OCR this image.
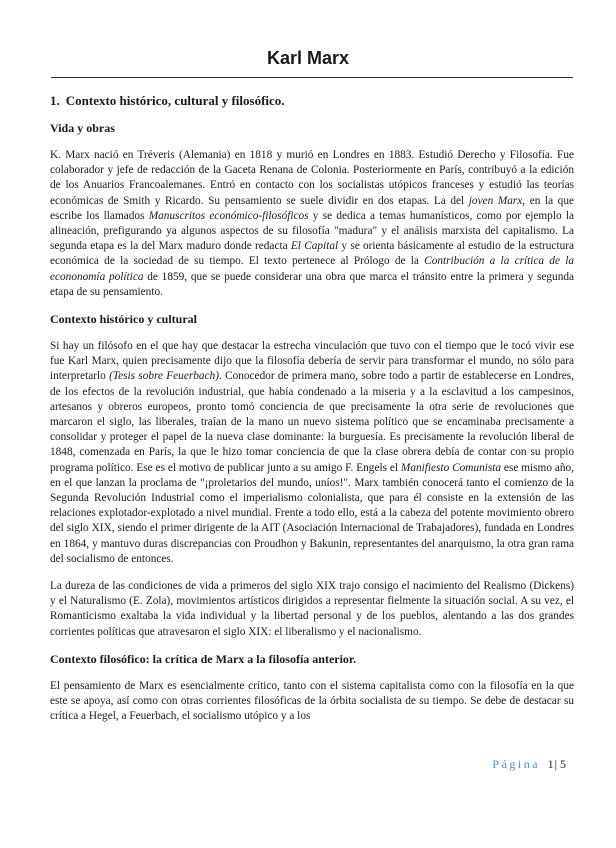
Karl Marx
1. Contexto histórico, cultural y filosófico.
Vida y obras

K. Marx nació en Tréveris (Alemania) en 1818 y murió en Londres en 1883. Estudió Derecho y Filosofía. Fue colaborador y jefe de redacción de la Gaceta Renana de Colonia. Posteriormente en París, contribuyó a la edición de los Anuarios Francoalemanes. Entró en contacto con los socialistas utópicos franceses y estudió las teorías económicas de Smith y Ricardo. Su pensamiento se suele dividir en dos etapas. La del joven Marx, en la que escribe los llamados Manuscritos económico-filosóficos y se dedica a temas humanísticos, como por ejemplo la alineación, prefigurando ya algunos aspectos de su filosofía "madura" y el análisis marxista del capitalismo. La segunda etapa es la del Marx maduro donde redacta El Capital y se orienta básicamente al estudio de la estructura económica de la sociedad de su tiempo. El texto pertenece al Prólogo de la Contribución a la crítica de la econonomía política de 1859, que se puede considerar una obra que marca el tránsito entre la primera y segunda etapa de su pensamiento.

Contexto histórico y cultural

Si hay un filósofo en el que hay que destacar la estrecha vinculación que tuvo con el tiempo que le tocó vivir ese fue Karl Marx, quien precisamente dijo que la filosofía debería de servir para transformar el mundo, no sólo para interpretarlo (Tesis sobre Feuerbach). Conocedor de primera mano, sobre todo a partir de establecerse en Londres, de los efectos de la revolución industrial, que había condenado a la miseria y a la esclavitud a los campesinos, artesanos y obreros europeos, pronto tomó conciencia de que precisamente la otra serie de revoluciones que marcaron el siglo, las liberales, traían de la mano un nuevo sistema político que se encaminaba precisamente a consolidar y proteger el papel de la nueva clase dominante: la burguesía. Es precisamente la revolución liberal de 1848, comenzada en París, la que le hizo tomar conciencia de que la clase obrera debía de contar con su propio programa político. Ese es el motivo de publicar junto a su amigo F. Engels el Manifiesto Comunista ese mismo año, en el que lanzan la proclama de "¡proletarios del mundo, uníos!". Marx también conocerá tanto el comienzo de la Segunda Revolución Industrial como el imperialismo colonialista, que para él consiste en la extensión de las relaciones explotador-explotado a nivel mundial. Frente a todo ello, está a la cabeza del potente movimiento obrero del siglo XIX, siendo el primer dirigente de la AIT (Asociación Internacional de Trabajadores), fundada en Londres en 1864, y mantuvo duras discrepancias con Proudhon y Bakunin, representantes del anarquismo, la otra gran rama del socialismo de entonces.

La dureza de las condiciones de vida a primeros del siglo XIX trajo consigo el nacimiento del Realismo (Dickens) y el Naturalismo (E. Zola), movimientos artísticos dirigidos a representar fielmente la situación social. A su vez, el Romanticismo exaltaba la vida individual y la libertad personal y de los pueblos, alentando a las dos grandes corrientes políticas que atravesaron el siglo XIX: el liberalismo y el nacionalismo.

Contexto filosófico: la crítica de Marx a la filosofía anterior.

El pensamiento de Marx es esencialmente crítico, tanto con el sistema capitalista como con la filosofía en la que este se apoya, así como con otras corrientes filosóficas de la órbita socialista de su tiempo. Se debe de destacar su crítica a Hegel, a Feuerbach, el socialismo utópico y a los

Página 1| 5
